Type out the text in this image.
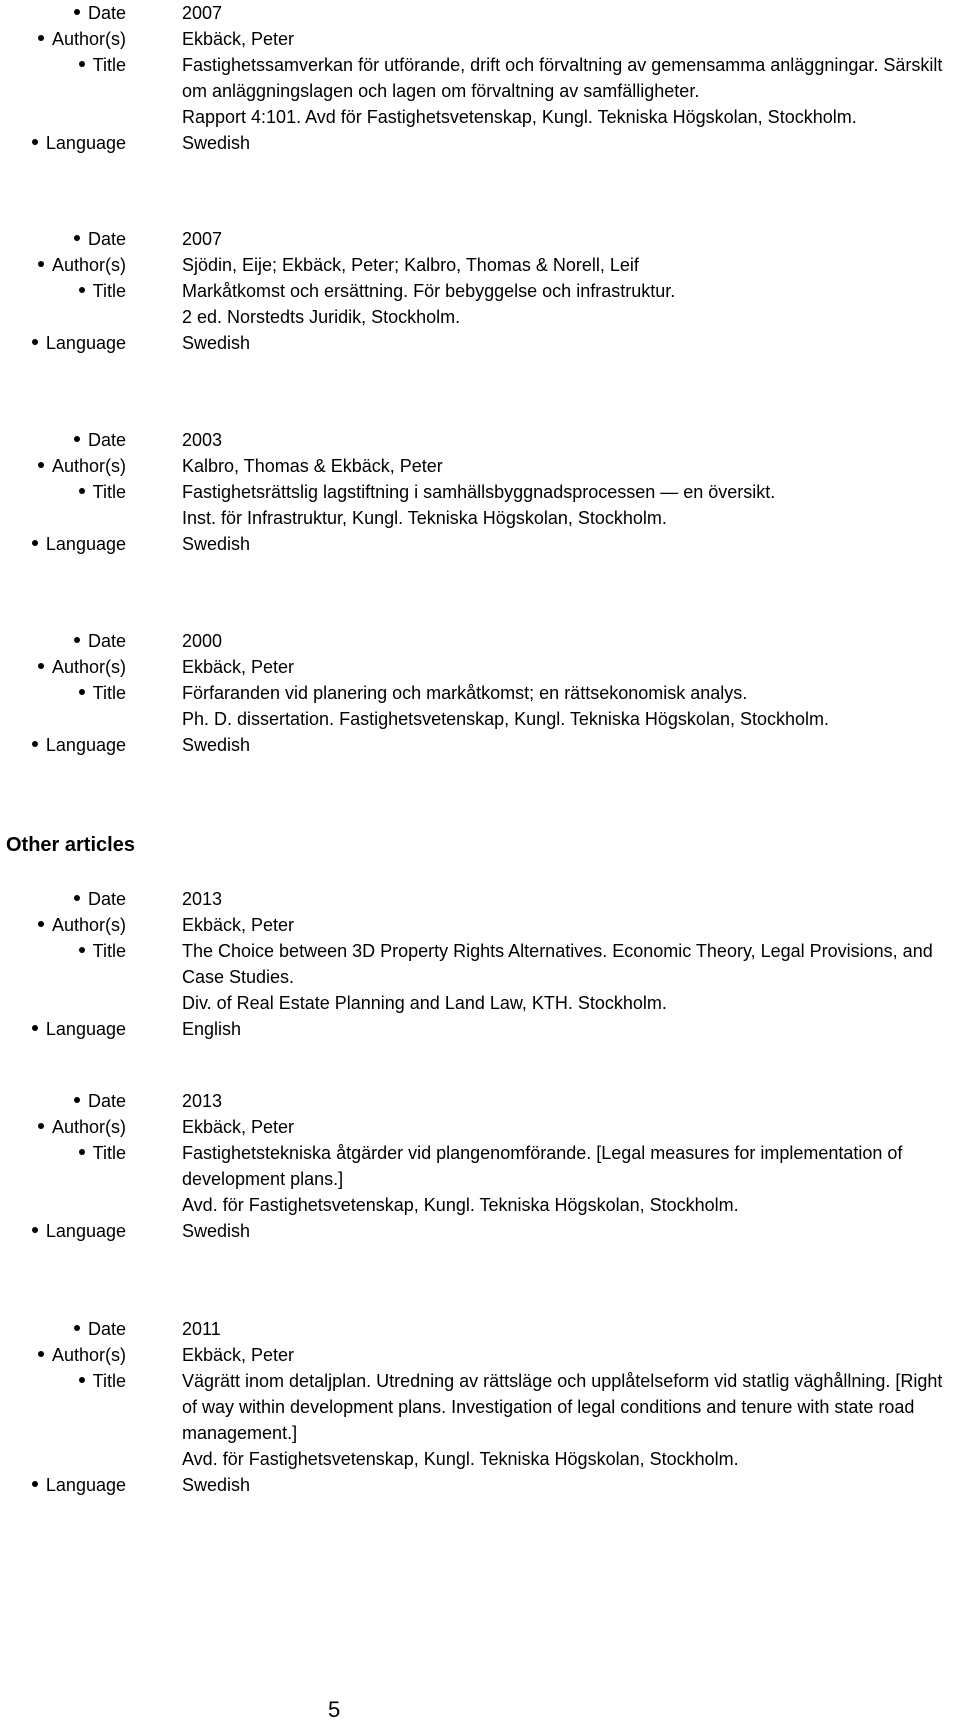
Date	2007
Author(s)	Ekbäck, Peter
Title	Fastighetssamverkan för utförande, drift och förvaltning av gemensamma anläggningar. Särskilt
om anläggningslagen och lagen om förvaltning av samfälligheter.
Rapport 4:101. Avd för Fastighetsvetenskap, Kungl. Tekniska Högskolan, Stockholm.
Language	Swedish
Date	2007
Author(s)	Sjödin, Eije; Ekbäck, Peter; Kalbro, Thomas & Norell, Leif
Title	Markåtkomst och ersättning. För bebyggelse och infrastruktur.
2 ed. Norstedts Juridik, Stockholm.
Language	Swedish
Date	2003
Author(s)	Kalbro, Thomas & Ekbäck, Peter
Title	Fastighetsrättslig lagstiftning i samhällsbyggnadsprocessen — en översikt.
Inst. för Infrastruktur, Kungl. Tekniska Högskolan, Stockholm.
Language	Swedish
Date	2000
Author(s)	Ekbäck, Peter
Title	Förfaranden vid planering och markåtkomst; en rättsekonomisk analys.
Ph. D. dissertation. Fastighetsvetenskap, Kungl. Tekniska Högskolan, Stockholm.
Language	Swedish
Other articles
Date	2013
Author(s)	Ekbäck, Peter
Title	The Choice between 3D Property Rights Alternatives. Economic Theory, Legal Provisions, and
Case Studies.
Div. of Real Estate Planning and Land Law, KTH. Stockholm.
Language	English
Date	2013
Author(s)	Ekbäck, Peter
Title	Fastighetstekniska åtgärder vid plangenomförande. [Legal measures for implementation of
development plans.]
Avd. för Fastighetsvetenskap, Kungl. Tekniska Högskolan, Stockholm.
Language	Swedish
Date	2011
Author(s)	Ekbäck, Peter
Title	Vägrätt inom detaljplan. Utredning av rättsläge och upplåtelseform vid statlig väghållning. [Right
of way within development plans. Investigation of legal conditions and tenure with state road
management.]
Avd. för Fastighetsvetenskap, Kungl. Tekniska Högskolan, Stockholm.
Language	Swedish
5
